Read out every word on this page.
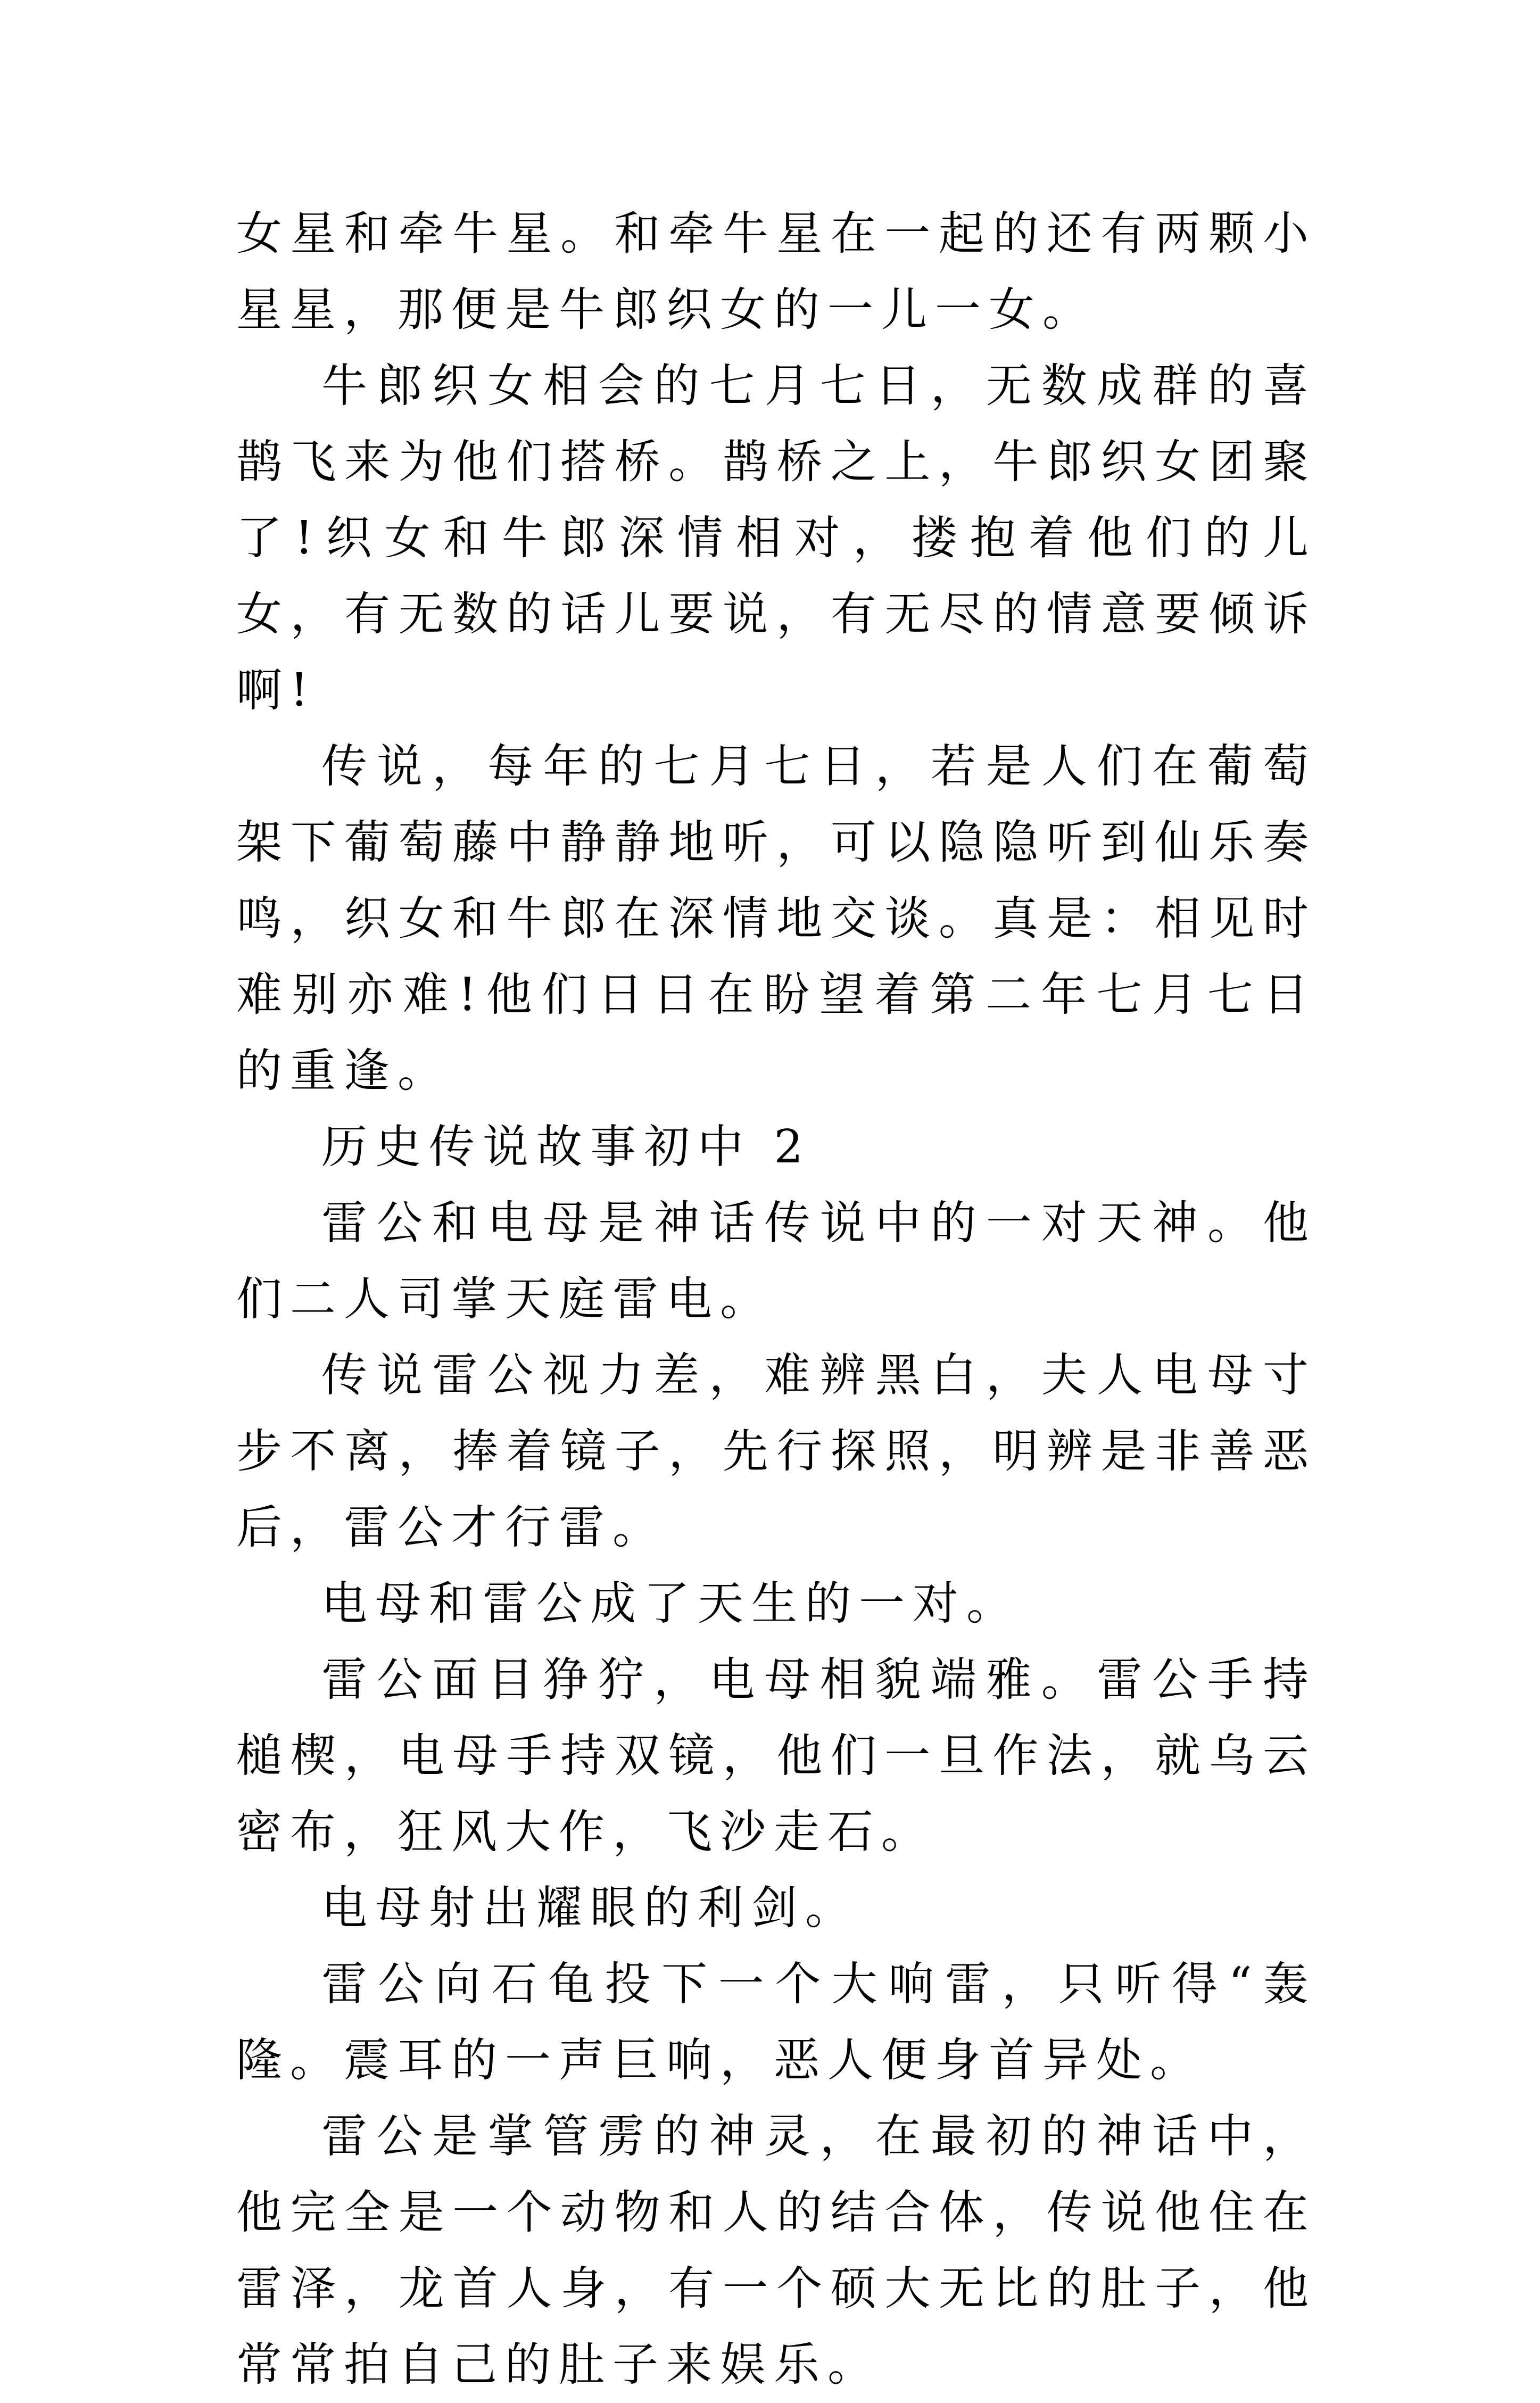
女星和牵牛星。和牵牛星在一起的还有两颗小星星，那便是牛郎织女的一儿一女。

牛郎织女相会的七月七日，无数成群的喜鹊飞来为他们搭桥。鹊桥之上，牛郎织女团聚了!织女和牛郎深情相对，搂抱着他们的儿女，有无数的话儿要说，有无尽的情意要倾诉啊!

传说，每年的七月七日，若是人们在葡萄架下葡萄藤中静静地听，可以隐隐听到仙乐奏鸣，织女和牛郎在深情地交谈。真是：相见时难别亦难!他们日日在盼望着第二年七月七日的重逢。

历史传说故事初中 2

雷公和电母是神话传说中的一对天神。他们二人司掌天庭雷电。

传说雷公视力差，难辨黑白，夫人电母寸步不离，捧着镜子，先行探照，明辨是非善恶后，雷公才行雷。

电母和雷公成了天生的一对。

雷公面目狰狞，电母相貌端雅。雷公手持槌楔，电母手持双镜，他们一旦作法，就乌云密布，狂风大作，飞沙走石。

电母射出耀眼的利剑。

雷公向石龟投下一个大响雷，只听得“轰隆。震耳的一声巨响，恶人便身首异处。

雷公是掌管雳的神灵，在最初的神话中，他完全是一个动物和人的结合体，传说他住在雷泽，龙首人身，有一个硕大无比的肚子，他常常拍自己的肚子来娱乐。
